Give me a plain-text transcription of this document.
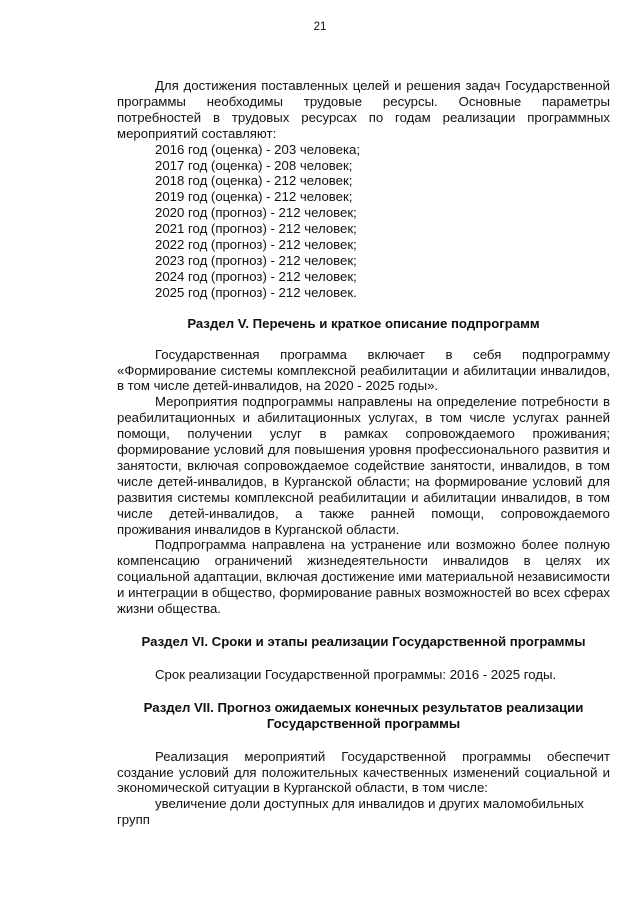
21

Для достижения поставленных целей и решения задач Государственной программы необходимы трудовые ресурсы. Основные параметры потребностей в трудовых ресурсах по годам реализации программных мероприятий составляют:

2016 год (оценка) - 203 человека;
2017 год (оценка) - 208 человек;
2018 год (оценка) - 212 человек;
2019 год (оценка) - 212 человек;
2020 год (прогноз) - 212 человек;
2021 год (прогноз) - 212 человек;
2022 год (прогноз) - 212 человек;
2023 год (прогноз) - 212 человек;
2024 год (прогноз) - 212 человек;
2025 год (прогноз) - 212 человек.

Раздел V. Перечень и краткое описание подпрограмм

Государственная программа включает в себя подпрограмму «Формирование системы комплексной реабилитации и абилитации инвалидов, в том числе детей-инвалидов, на 2020 - 2025 годы».

Мероприятия подпрограммы направлены на определение потребности в реабилитационных и абилитационных услугах, в том числе услугах ранней помощи, получении услуг в рамках сопровождаемого проживания; формирование условий для повышения уровня профессионального развития и занятости, включая сопровождаемое содействие занятости, инвалидов, в том числе детей-инвалидов, в Курганской области; на формирование условий для развития системы комплексной реабилитации и абилитации инвалидов, в том числе детей-инвалидов, а также ранней помощи, сопровождаемого проживания инвалидов в Курганской области.

Подпрограмма направлена на устранение или возможно более полную компенсацию ограничений жизнедеятельности инвалидов в целях их социальной адаптации, включая достижение ими материальной независимости и интеграции в общество, формирование равных возможностей во всех сферах жизни общества.

Раздел VI. Сроки и этапы реализации Государственной программы

Срок реализации Государственной программы: 2016 - 2025 годы.

Раздел VII. Прогноз ожидаемых конечных результатов реализации

Государственной программы

Реализация мероприятий Государственной программы обеспечит создание условий для положительных качественных изменений социальной и экономической ситуации в Курганской области, в том числе:

увеличение доли доступных для инвалидов и других маломобильных групп
